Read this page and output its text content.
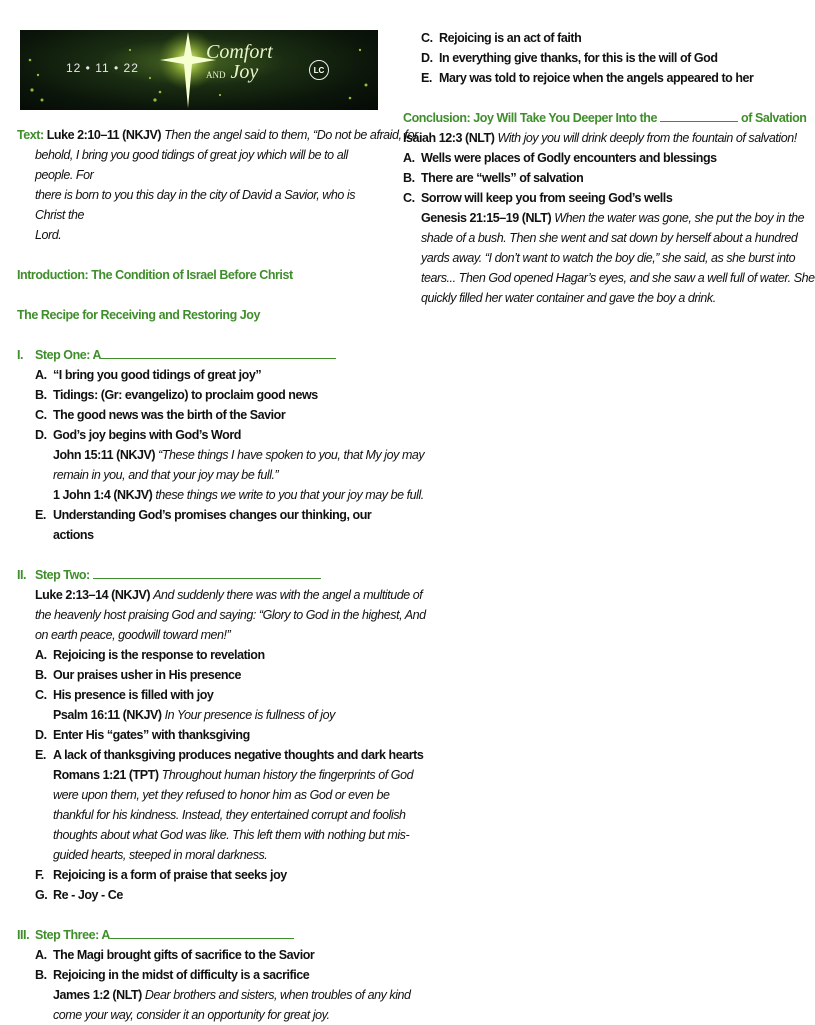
12 • 11 • 22
Comfort
AND Joy	LC
Text: Luke 2:10–11 (NKJV) Then the angel said to them, “Do not be afraid, for
behold, I bring you good tidings of great joy which will be to all people. For
there is born to you this day in the city of David a Savior, who is Christ the
Lord.
Introduction: The Condition of Israel Before Christ
The Recipe for Receiving and Restoring Joy
I. Step One: A
A. “I bring you good tidings of great joy”
B. Tidings: (Gr: evangelizo) to proclaim good news
C. The good news was the birth of the Savior
D. God’s joy begins with God’s Word
John 15:11 (NKJV) “These things I have spoken to you, that My joy may
remain in you, and that your joy may be full.”
1 John 1:4 (NKJV) these things we write to you that your joy may be full.
E. Understanding God’s promises changes our thinking, our actions
II. Step Two:
Luke 2:13–14 (NKJV) And suddenly there was with the angel a multitude of
the heavenly host praising God and saying: “Glory to God in the highest, And
on earth peace, goodwill toward men!”
A. Rejoicing is the response to revelation
B. Our praises usher in His presence
C. His presence is filled with joy
Psalm 16:11 (NKJV) In Your presence is fullness of joy
D. Enter His “gates” with thanksgiving
E. A lack of thanksgiving produces negative thoughts and dark hearts
Romans 1:21 (TPT) Throughout human history the fingerprints of God
were upon them, yet they refused to honor him as God or even be
thankful for his kindness. Instead, they entertained corrupt and foolish
thoughts about what God was like. This left them with nothing but mis-
guided hearts, steeped in moral darkness.
F. Rejoicing is a form of praise that seeks joy
G. Re - Joy - Ce
III. Step Three: A
A. The Magi brought gifts of sacrifice to the Savior
B. Rejoicing in the midst of difficulty is a sacrifice
James 1:2 (NLT) Dear brothers and sisters, when troubles of any kind
come your way, consider it an opportunity for great joy.
C. Rejoicing is an act of faith
D. In everything give thanks, for this is the will of God
E. Mary was told to rejoice when the angels appeared to her
Conclusion: Joy Will Take You Deeper Into the	of Salvation
Isaiah 12:3 (NLT) With joy you will drink deeply from the fountain of salvation!
A. Wells were places of Godly encounters and blessings
B. There are “wells” of salvation
C. Sorrow will keep you from seeing God’s wells
Genesis 21:15–19 (NLT) When the water was gone, she put the boy in the
shade of a bush. Then she went and sat down by herself about a hundred
yards away. “I don’t want to watch the boy die,” she said, as she burst into
tears... Then God opened Hagar’s eyes, and she saw a well full of water. She
quickly filled her water container and gave the boy a drink.
